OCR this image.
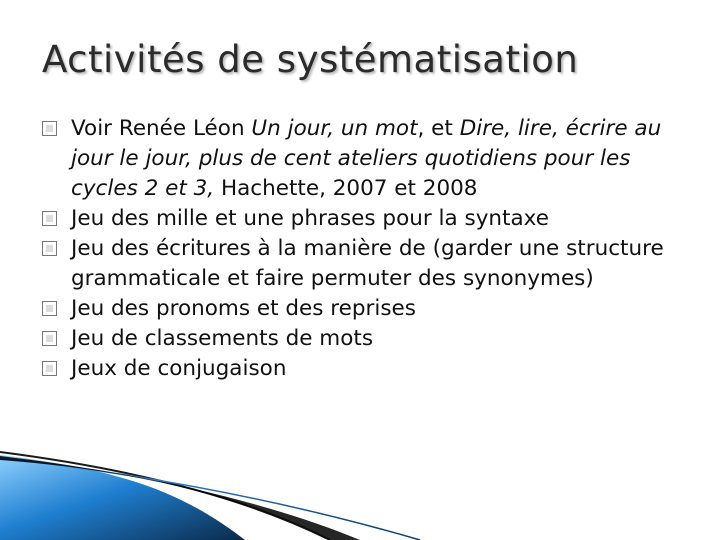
Activités de systématisation
Voir Renée Léon Un jour, un mot, et Dire, lire, écrire au jour le jour, plus de cent ateliers quotidiens pour les cycles 2 et 3, Hachette, 2007 et 2008
Jeu des mille et une phrases pour la syntaxe
Jeu des écritures à la manière de (garder une structure grammaticale et faire permuter des synonymes)
Jeu des pronoms et des reprises
Jeu de classements de mots
Jeux de conjugaison
